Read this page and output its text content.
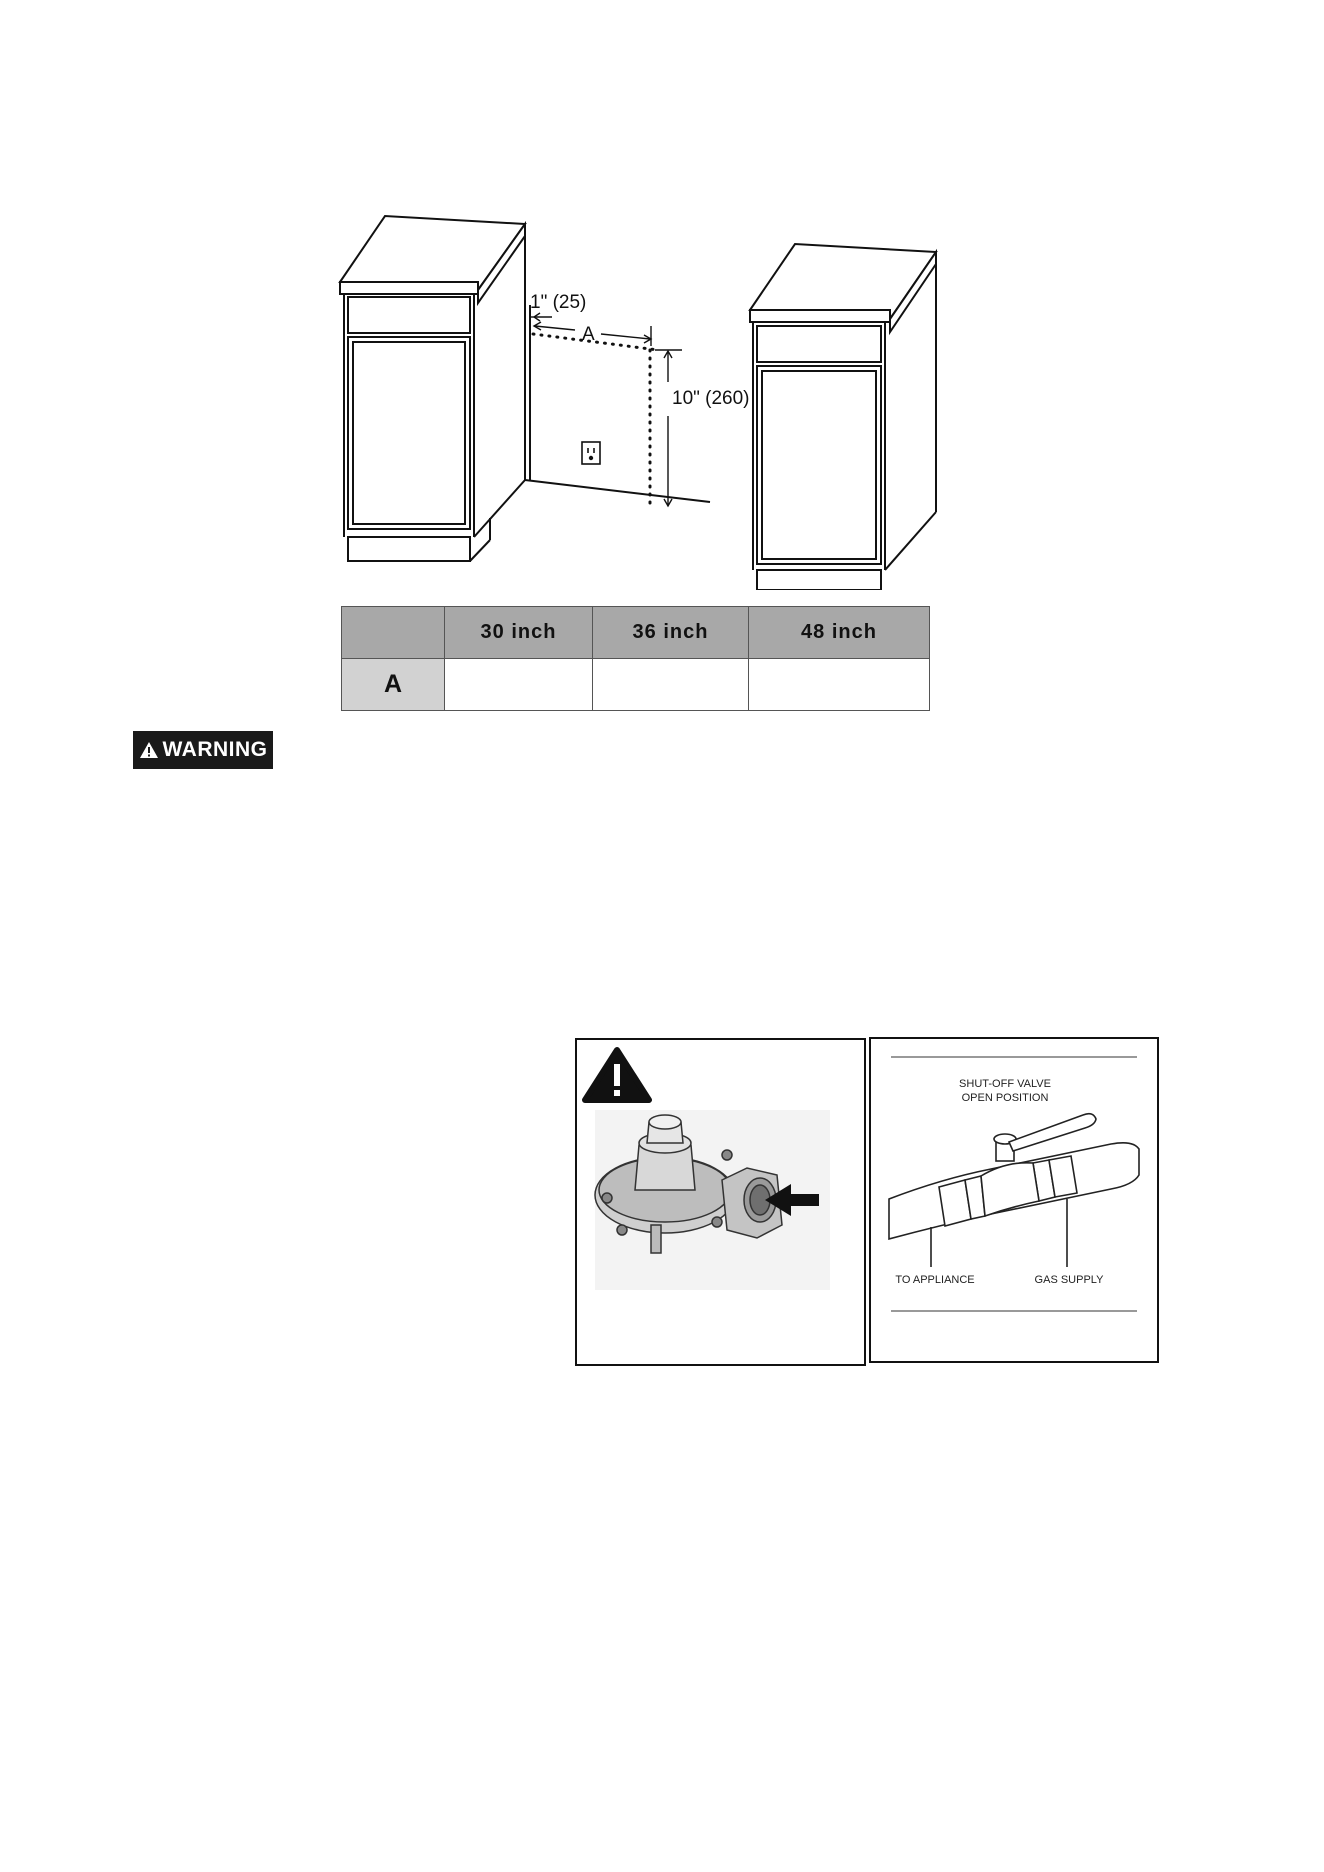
1" (25)
A
10" (260)
	30 inch	36 inch	48 inch
A			
WARNING
SHUT-OFF VALVE
OPEN POSITION
TO APPLIANCE	GAS SUPPLY
